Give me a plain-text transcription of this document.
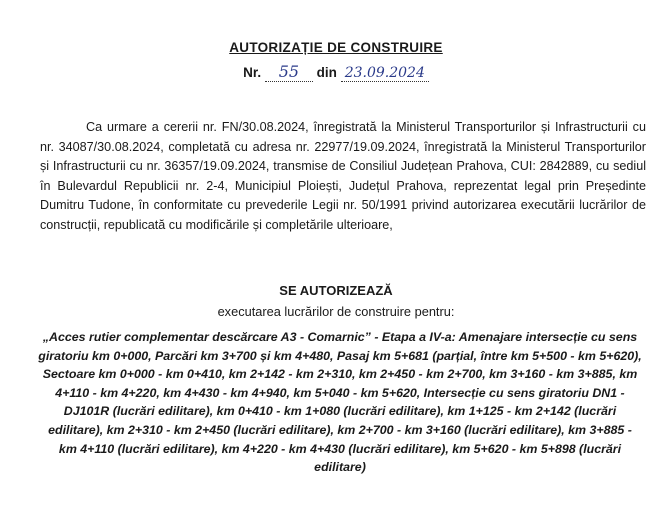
AUTORIZAȚIE DE CONSTRUIRE
Nr. 55 din 23.09.2024
Ca urmare a cererii nr. FN/30.08.2024, înregistrată la Ministerul Transporturilor și Infrastructurii cu nr. 34087/30.08.2024, completată cu adresa nr. 22977/19.09.2024, înregistrată la Ministerul Transporturilor și Infrastructurii cu nr. 36357/19.09.2024, transmise de Consiliul Județean Prahova, CUI: 2842889, cu sediul în Bulevardul Republicii nr. 2-4, Municipiul Ploiești, Județul Prahova, reprezentat legal prin Președinte Dumitru Tudone, în conformitate cu prevederile Legii nr. 50/1991 privind autorizarea executării lucrărilor de construcții, republicată cu modificările și completările ulterioare,
SE AUTORIZEAZĂ
executarea lucrărilor de construire pentru:
„Acces rutier complementar descărcare A3 - Comarnic” - Etapa a IV-a: Amenajare intersecție cu sens giratoriu km 0+000, Parcări km 3+700 și km 4+480, Pasaj km 5+681 (parțial, între km 5+500 - km 5+620), Sectoare km 0+000 - km 0+410, km 2+142 - km 2+310, km 2+450 - km 2+700, km 3+160 - km 3+885, km 4+110 - km 4+220, km 4+430 - km 4+940, km 5+040 - km 5+620, Intersecție cu sens giratoriu DN1 - DJ101R (lucrări edilitare), km 0+410 - km 1+080 (lucrări edilitare), km 1+125 - km 2+142 (lucrări edilitare), km 2+310 - km 2+450 (lucrări edilitare), km 2+700 - km 3+160 (lucrări edilitare), km 3+885 - km 4+110 (lucrări edilitare), km 4+220 - km 4+430 (lucrări edilitare), km 5+620 - km 5+898 (lucrări edilitare)
